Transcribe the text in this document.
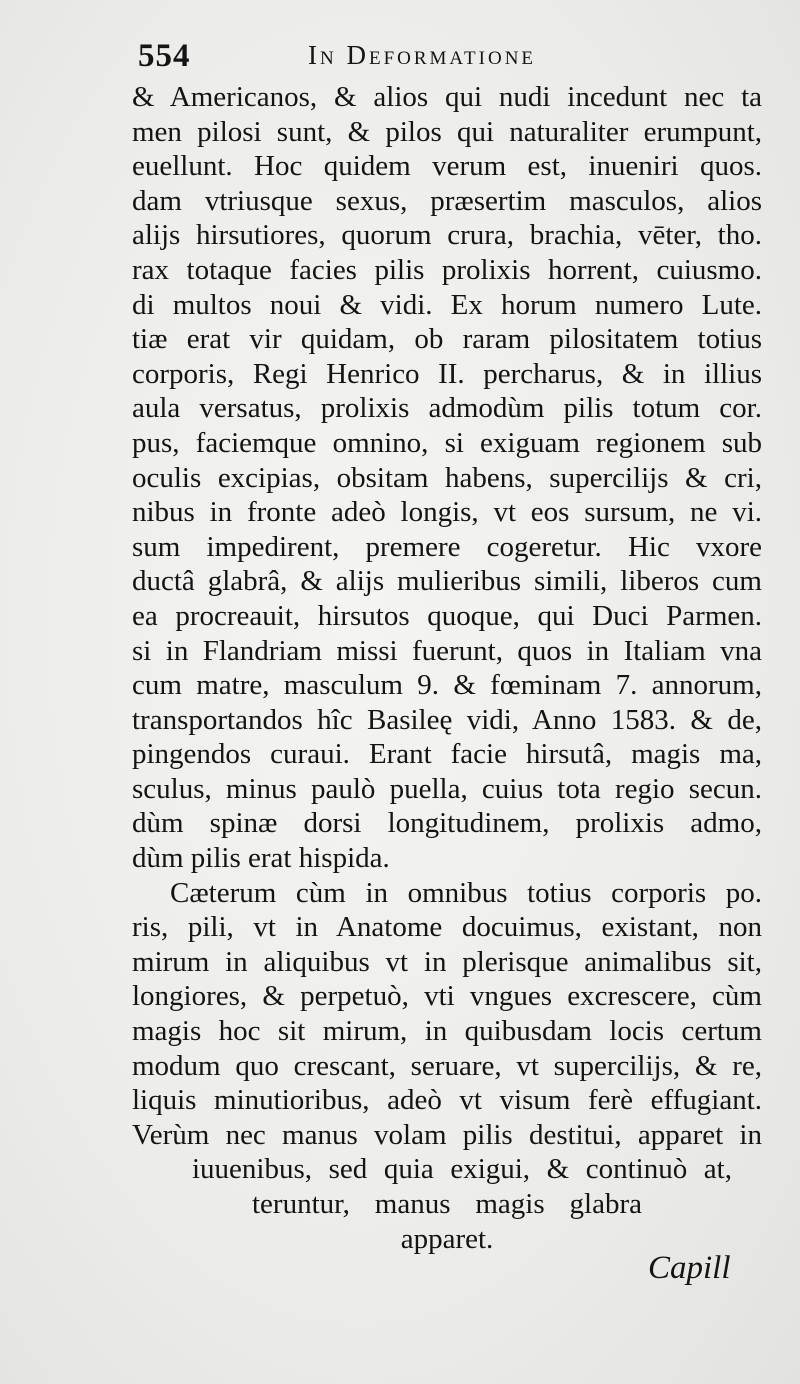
554	In Deformatione
& Americanos, & alios qui nudi incedunt nec ta
men pilosi sunt, & pilos qui naturaliter erumpunt,
euellunt. Hoc quidem verum est, inueniri quos.
dam vtriusque sexus, præsertim masculos, alios
alijs hirsutiores, quorum crura, brachia, vēter, tho.
rax totaque facies pilis prolixis horrent, cuiusmo.
di multos noui & vidi. Ex horum numero Lute.
tiæ erat vir quidam, ob raram pilositatem totius
corporis, Regi Henrico II. percharus, & in illius
aula versatus, prolixis admodùm pilis totum cor.
pus, faciemque omnino, si exiguam regionem sub
oculis excipias, obsitam habens, superciliјs & cri,
nibus in fronte adeò longis, vt eos sursum, ne vi.
sum impedirent, premere cogeretur. Hic vxore
ductâ glabrâ, & alijs mulieribus simili, liberos cum
ea procreauit, hirsutos quoque, qui Duci Parmen.
si in Flandriam missi fuerunt, quos in Italiam vna
cum matre, masculum 9. & fœminam 7. annorum,
transportandos hîc Basileę vidi, Anno 1583. & de,
pingendos curaui. Erant facie hirsutâ, magis ma,
sculus, minus paulò puella, cuius tota regio secun.
dùm spinæ dorsi longitudinem, prolixis admo,
dùm pilis erat hispida.
Cæterum cùm in omnibus totius corporis po.
ris, pili, vt in Anatome docuimus, existant, non
mirum in aliquibus vt in plerisque animalibus sit,
longiores, & perpetuò, vti vngues excrescere, cùm
magis hoc sit mirum, in quibusdam locis certum
modum quo crescant, seruare, vt superciliјs, & re,
liquis minutioribus, adeò vt visum ferè effugiant.
Verùm nec manus volam pilis destitui, apparet in
iuuenibus, sed quia exigui, & continuò at,
teruntur, manus magis glabra
apparet.
Capill
